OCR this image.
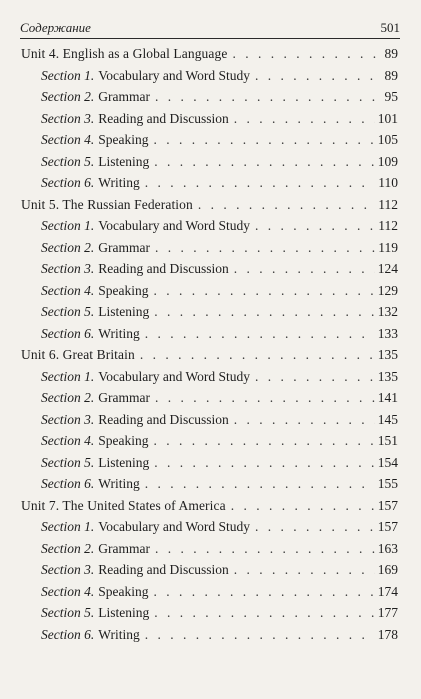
Содержание	501
Unit 4. English as a Global Language . . .	89
Section 1. Vocabulary and Word Study . . .	89
Section 2. Grammar . . .	95
Section 3. Reading and Discussion . . .	101
Section 4. Speaking . . .	105
Section 5. Listening . . .	109
Section 6. Writing . . .	110
Unit 5. The Russian Federation . . .	112
Section 1. Vocabulary and Word Study . . .	112
Section 2. Grammar . . .	119
Section 3. Reading and Discussion . . .	124
Section 4. Speaking . . .	129
Section 5. Listening . . .	132
Section 6. Writing . . .	133
Unit 6. Great Britain . . .	135
Section 1. Vocabulary and Word Study . . .	135
Section 2. Grammar . . .	141
Section 3. Reading and Discussion . . .	145
Section 4. Speaking . . .	151
Section 5. Listening . . .	154
Section 6. Writing . . .	155
Unit 7. The United States of America . . .	157
Section 1. Vocabulary and Word Study . . .	157
Section 2. Grammar . . .	163
Section 3. Reading and Discussion . . .	169
Section 4. Speaking . . .	174
Section 5. Listening . . .	177
Section 6. Writing . . .	178
